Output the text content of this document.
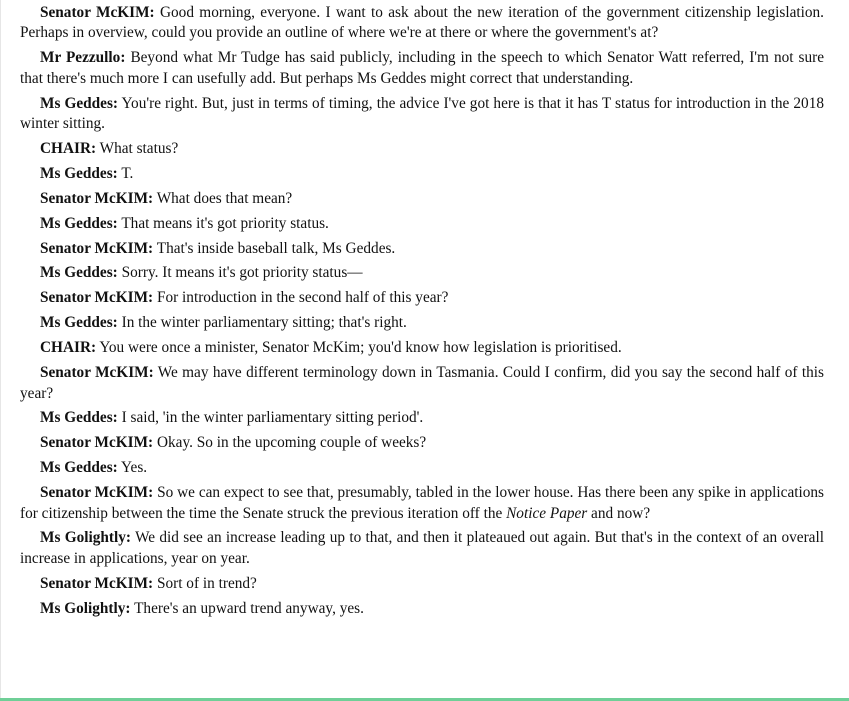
Senator McKIM: Good morning, everyone. I want to ask about the new iteration of the government citizenship legislation. Perhaps in overview, could you provide an outline of where we're at there or where the government's at?

Mr Pezzullo: Beyond what Mr Tudge has said publicly, including in the speech to which Senator Watt referred, I'm not sure that there's much more I can usefully add. But perhaps Ms Geddes might correct that understanding.

Ms Geddes: You're right. But, just in terms of timing, the advice I've got here is that it has T status for introduction in the 2018 winter sitting.

CHAIR: What status?

Ms Geddes: T.

Senator McKIM: What does that mean?

Ms Geddes: That means it's got priority status.

Senator McKIM: That's inside baseball talk, Ms Geddes.

Ms Geddes: Sorry. It means it's got priority status—

Senator McKIM: For introduction in the second half of this year?

Ms Geddes: In the winter parliamentary sitting; that's right.

CHAIR: You were once a minister, Senator McKim; you'd know how legislation is prioritised.

Senator McKIM: We may have different terminology down in Tasmania. Could I confirm, did you say the second half of this year?

Ms Geddes: I said, 'in the winter parliamentary sitting period'.

Senator McKIM: Okay. So in the upcoming couple of weeks?

Ms Geddes: Yes.

Senator McKIM: So we can expect to see that, presumably, tabled in the lower house. Has there been any spike in applications for citizenship between the time the Senate struck the previous iteration off the Notice Paper and now?

Ms Golightly: We did see an increase leading up to that, and then it plateaued out again. But that's in the context of an overall increase in applications, year on year.

Senator McKIM: Sort of in trend?

Ms Golightly: There's an upward trend anyway, yes.
